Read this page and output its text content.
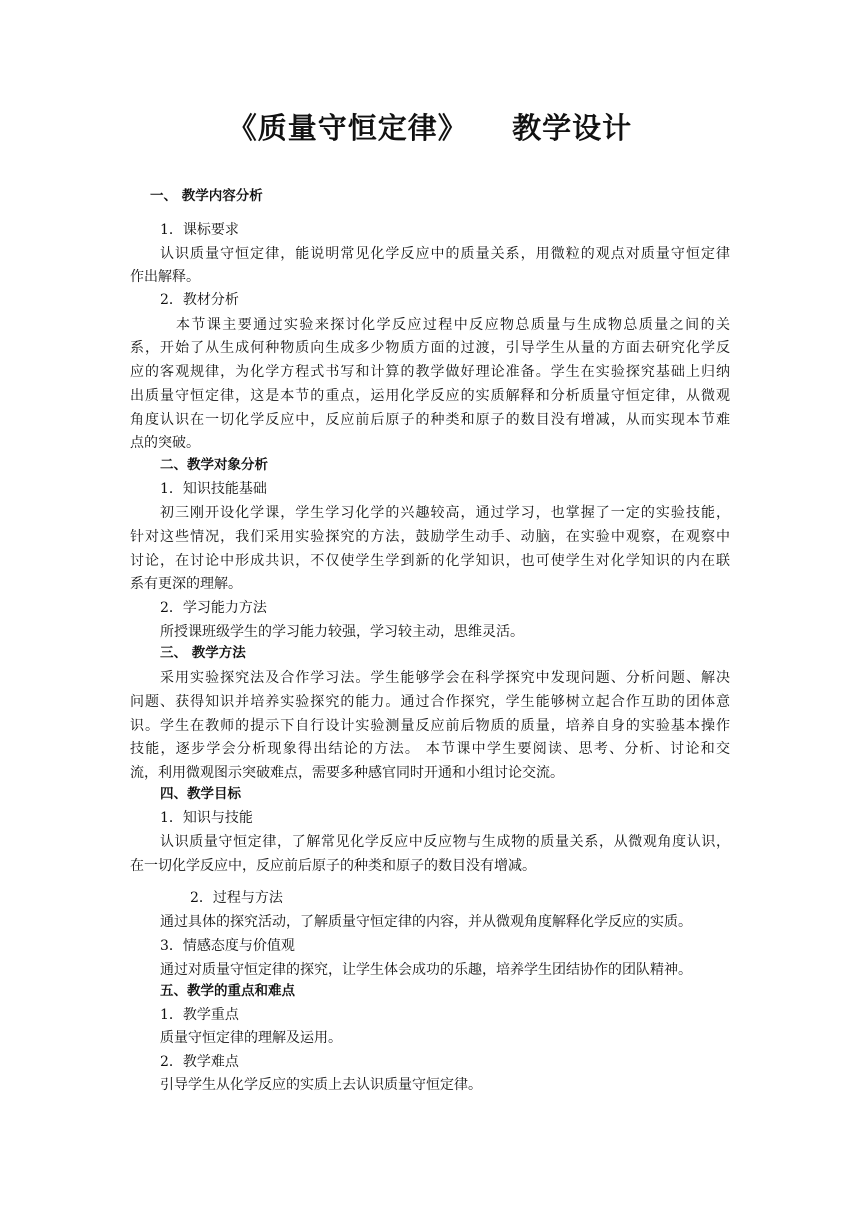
《质量守恒定律》    教学设计
一、 教学内容分析
1．课标要求
认识质量守恒定律，能说明常见化学反应中的质量关系，用微粒的观点对质量守恒定律
作出解释。
2．教材分析
本节课主要通过实验来探讨化学反应过程中反应物总质量与生成物总质量之间的关
系，开始了从生成何种物质向生成多少物质方面的过渡，引导学生从量的方面去研究化学反
应的客观规律，为化学方程式书写和计算的教学做好理论准备。学生在实验探究基础上归纳
出质量守恒定律，这是本节的重点，运用化学反应的实质解释和分析质量守恒定律，从微观
角度认识在一切化学反应中，反应前后原子的种类和原子的数目没有增减，从而实现本节难
点的突破。
二、教学对象分析
1．知识技能基础
初三刚开设化学课，学生学习化学的兴趣较高，通过学习，也掌握了一定的实验技能，
针对这些情况，我们采用实验探究的方法，鼓励学生动手、动脑，在实验中观察，在观察中
讨论，在讨论中形成共识，不仅使学生学到新的化学知识，也可使学生对化学知识的内在联
系有更深的理解。
2．学习能力方法
所授课班级学生的学习能力较强，学习较主动，思维灵活。
三、 教学方法
采用实验探究法及合作学习法。学生能够学会在科学探究中发现问题、分析问题、解决
问题、获得知识并培养实验探究的能力。通过合作探究，学生能够树立起合作互助的团体意
识。学生在教师的提示下自行设计实验测量反应前后物质的质量，培养自身的实验基本操作
技能，逐步学会分析现象得出结论的方法。 本节课中学生要阅读、思考、分析、讨论和交
流，利用微观图示突破难点，需要多种感官同时开通和小组讨论交流。
四、教学目标
1．知识与技能
认识质量守恒定律，了解常见化学反应中反应物与生成物的质量关系，从微观角度认识，
在一切化学反应中，反应前后原子的种类和原子的数目没有增减。
2．过程与方法
通过具体的探究活动，了解质量守恒定律的内容，并从微观角度解释化学反应的实质。
3．情感态度与价值观
通过对质量守恒定律的探究，让学生体会成功的乐趣，培养学生团结协作的团队精神。
五、教学的重点和难点
1．教学重点
质量守恒定律的理解及运用。
2．教学难点
引导学生从化学反应的实质上去认识质量守恒定律。
